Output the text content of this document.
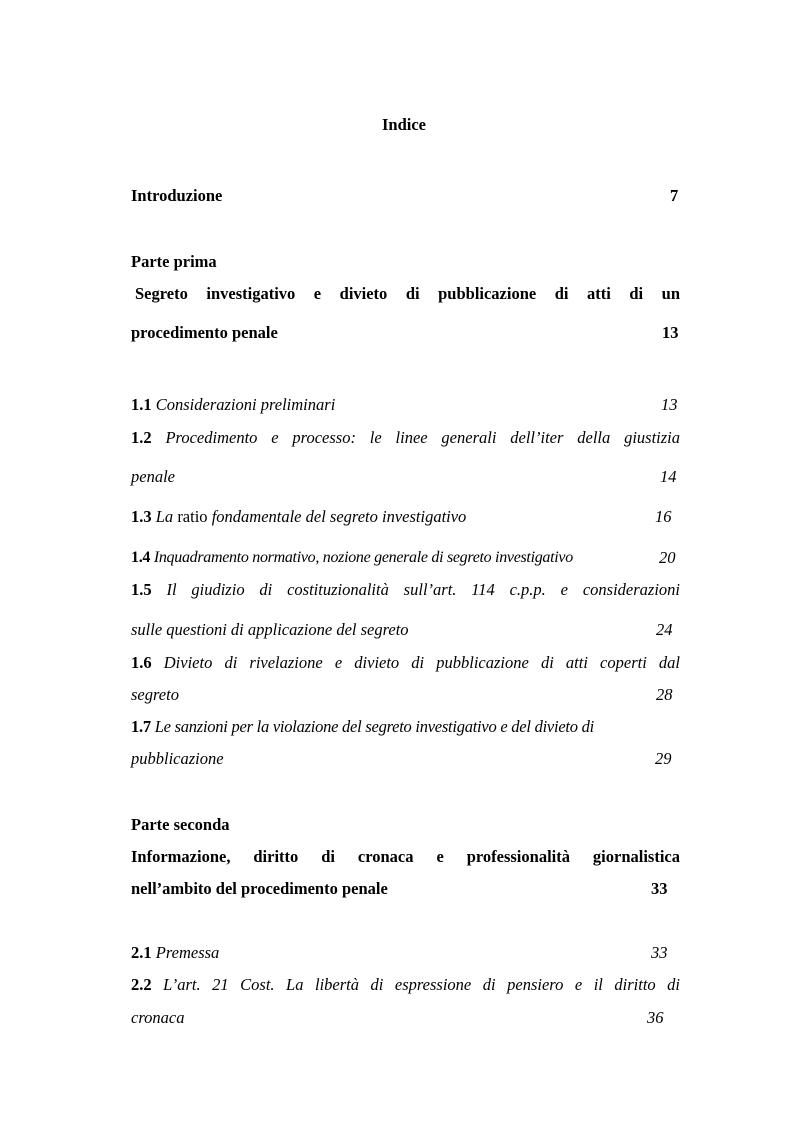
Indice
Introduzione	7
Parte prima
Segreto investigativo e divieto di pubblicazione di atti di un
procedimento penale	13
1.1 Considerazioni preliminari	13
1.2 Procedimento e processo: le linee generali dell’iter della giustizia
penale	14
1.3 La ratio fondamentale del segreto investigativo	16
1.4 Inquadramento normativo, nozione generale di segreto investigativo	20
1.5 Il giudizio di costituzionalità sull’art. 114 c.p.p. e considerazioni
sulle questioni di applicazione del segreto	24
1.6 Divieto di rivelazione e divieto di pubblicazione di atti coperti dal
segreto	28
1.7 Le sanzioni per la violazione del segreto investigativo e del divieto di
pubblicazione	29
Parte seconda
Informazione, diritto di cronaca e professionalità giornalistica
nell’ambito del procedimento penale	33
2.1 Premessa	33
2.2 L’art. 21 Cost. La libertà di espressione di pensiero e il diritto di
cronaca	36
